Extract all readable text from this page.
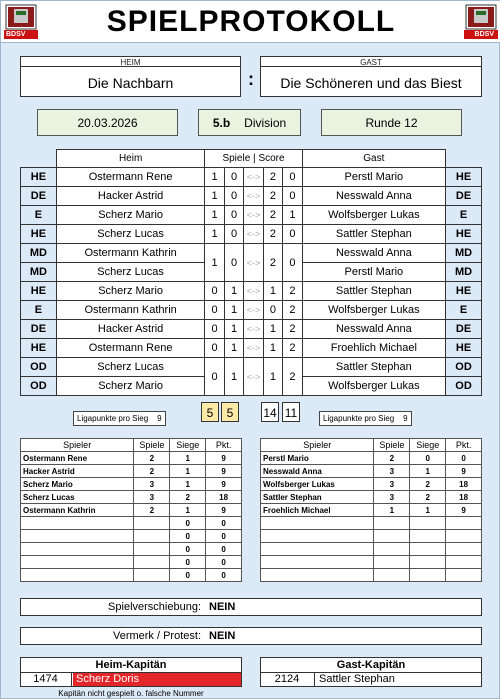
SPIELPROTOKOLL
BDSV	BDSV
HEIM
Die Nachbarn	:
GAST
Die Schöneren und das Biest
20.03.2026	5.b Division	Runde 12
	Heim	Spiele | Score					Gast	
HE	Ostermann Rene	1	0	<->	2	0	Perstl Mario	HE
DE	Hacker Astrid	1	0	<->	2	0	Nesswald Anna	DE
E	Scherz Mario	1	0	<->	2	1	Wolfsberger Lukas	E
HE	Scherz Lucas	1	0	<->	2	0	Sattler Stephan	HE
MD	Ostermann Kathrin	1	0	<->	2	0	Nesswald Anna	MD
MD	Scherz Lucas						Perstl Mario	MD
HE	Scherz Mario	0	1	<->	1	2	Sattler Stephan	HE
E	Ostermann Kathrin	0	1	<->	0	2	Wolfsberger Lukas	E
DE	Hacker Astrid	0	1	<->	1	2	Nesswald Anna	DE
HE	Ostermann Rene	0	1	<->	1	2	Froehlich Michael	HE
OD	Scherz Lucas	0	1	<->	1	2	Sattler Stephan	OD
OD	Scherz Mario						Wolfsberger Lukas	OD
Ligapunkte pro Sieg 9	5	5	14 11	Ligapunkte pro Sieg 9
Spieler	Spiele	Siege	Pkt.
Ostermann Rene	2	1	9
Hacker Astrid	2	1	9
Scherz Mario	3	1	9
Scherz Lucas	3	2	18
Ostermann Kathrin	2	1	9
		0	0
		0	0
		0	0
		0	0
		0	0
Spieler	Spiele	Siege	Pkt.
Perstl Mario	2	0	0
Nesswald Anna	3	1	9
Wolfsberger Lukas	3	2	18
Sattler Stephan	3	2	18
Froehlich Michael	1	1	9

Spielverschiebung: NEIN
Vermerk / Protest: NEIN
Heim-Kapitän
1474	Scherz Doris
Kapitän nicht gespielt o. falsche Nummer
Gast-Kapitän
2124	Sattler Stephan
